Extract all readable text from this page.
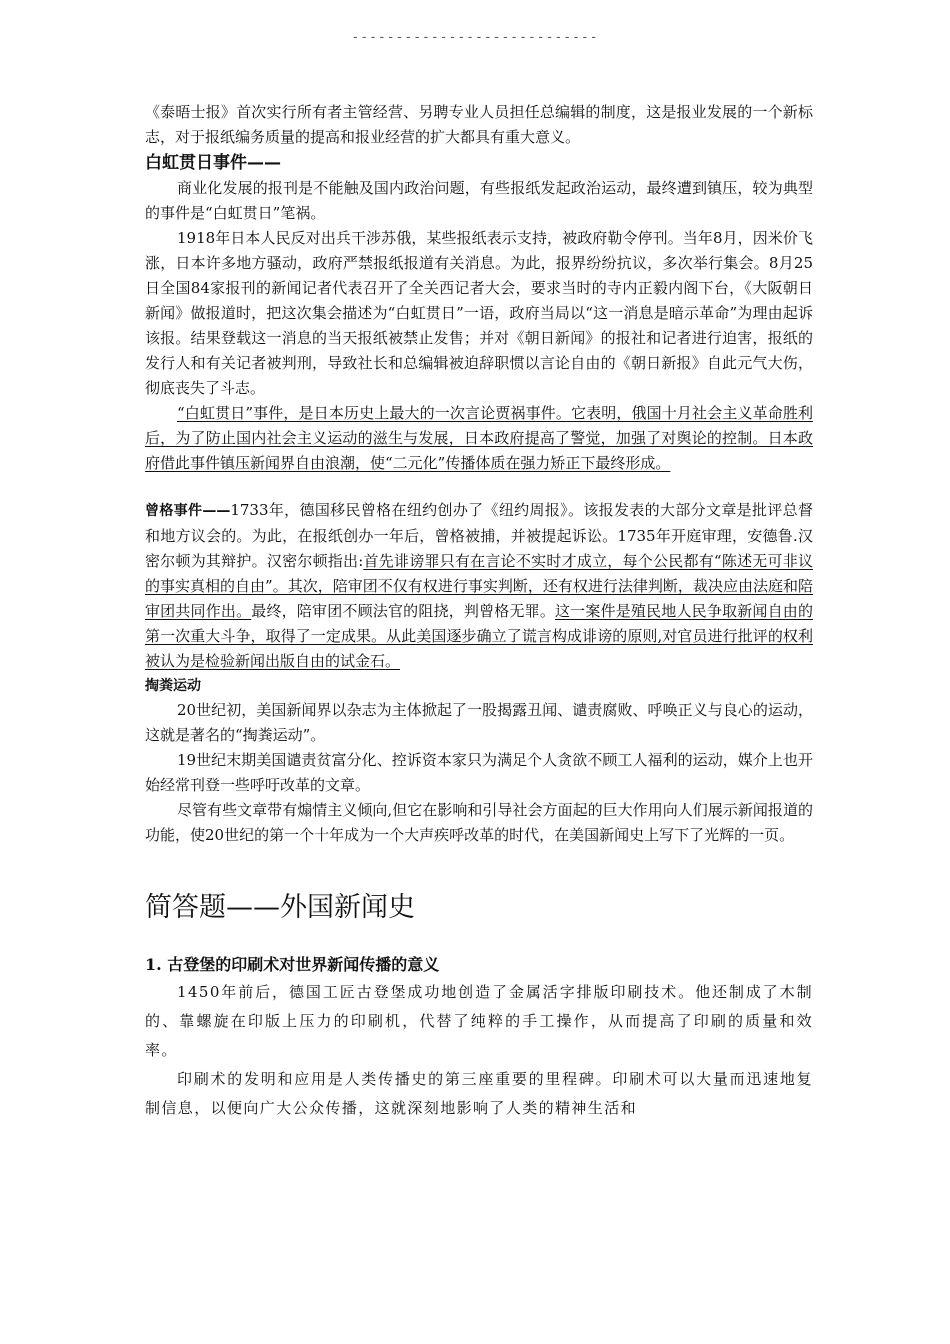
----------------------------

《泰晤士报》首次实行所有者主管经营、另聘专业人员担任总编辑的制度，这是报业发展的一个新标志，对于报纸编务质量的提高和报业经营的扩大都具有重大意义。

白虹贯日事件——

商业化发展的报刊是不能触及国内政治问题，有些报纸发起政治运动，最终遭到镇压，较为典型的事件是“白虹贯日”笔祸。

1918年日本人民反对出兵干涉苏俄，某些报纸表示支持，被政府勒令停刊。当年8月，因米价飞涨，日本许多地方骚动，政府严禁报纸报道有关消息。为此，报界纷纷抗议，多次举行集会。8月25日全国84家报刊的新闻记者代表召开了全关西记者大会，要求当时的寺内正毅内阁下台，《大阪朝日新闻》做报道时，把这次集会描述为“白虹贯日”一语，政府当局以“这一消息是暗示革命”为理由起诉该报。结果登载这一消息的当天报纸被禁止发售；并对《朝日新闻》的报社和记者进行迫害，报纸的发行人和有关记者被判刑，导致社长和总编辑被迫辞职惯以言论自由的《朝日新报》自此元气大伤，彻底丧失了斗志。

“白虹贯日”事件，是日本历史上最大的一次言论贾祸事件。它表明，俄国十月社会主义革命胜利后，为了防止国内社会主义运动的滋生与发展，日本政府提高了警觉，加强了对舆论的控制。日本政府借此事件镇压新闻界自由浪潮，使“二元化”传播体质在强力矫正下最终形成。

曾格事件——1733年，德国移民曾格在纽约创办了《纽约周报》。该报发表的大部分文章是批评总督和地方议会的。为此，在报纸创办一年后，曾格被捕，并被提起诉讼。1735年开庭审理，安德鲁.汉密尔顿为其辩护。汉密尔顿指出:首先诽谤罪只有在言论不实时才成立，每个公民都有“陈述无可非议的事实真相的自由”。其次，陪审团不仅有权进行事实判断，还有权进行法律判断，裁决应由法庭和陪审团共同作出。最终，陪审团不顾法官的阻挠，判曾格无罪。这一案件是殖民地人民争取新闻自由的第一次重大斗争，取得了一定成果。从此美国逐步确立了谎言构成诽谤的原则,对官员进行批评的权利被认为是检验新闻出版自由的试金石。

掏粪运动

20世纪初，美国新闻界以杂志为主体掀起了一股揭露丑闻、谴责腐败、呼唤正义与良心的运动，这就是著名的“掏粪运动”。

19世纪末期美国谴责贫富分化、控诉资本家只为满足个人贪欲不顾工人福利的运动，媒介上也开始经常刊登一些呼吁改革的文章。

尽管有些文章带有煽情主义倾向,但它在影响和引导社会方面起的巨大作用向人们展示新闻报道的功能，使20世纪的第一个十年成为一个大声疾呼改革的时代，在美国新闻史上写下了光辉的一页。

简答题——外国新闻史
1. 古登堡的印刷术对世界新闻传播的意义

1450年前后，德国工匠古登堡成功地创造了金属活字排版印刷技术。他还制成了木制的、靠螺旋在印版上压力的印刷机，代替了纯粹的手工操作，从而提高了印刷的质量和效率。

印刷术的发明和应用是人类传播史的第三座重要的里程碑。印刷术可以大量而迅速地复制信息，以便向广大公众传播，这就深刻地影响了人类的精神生活和
